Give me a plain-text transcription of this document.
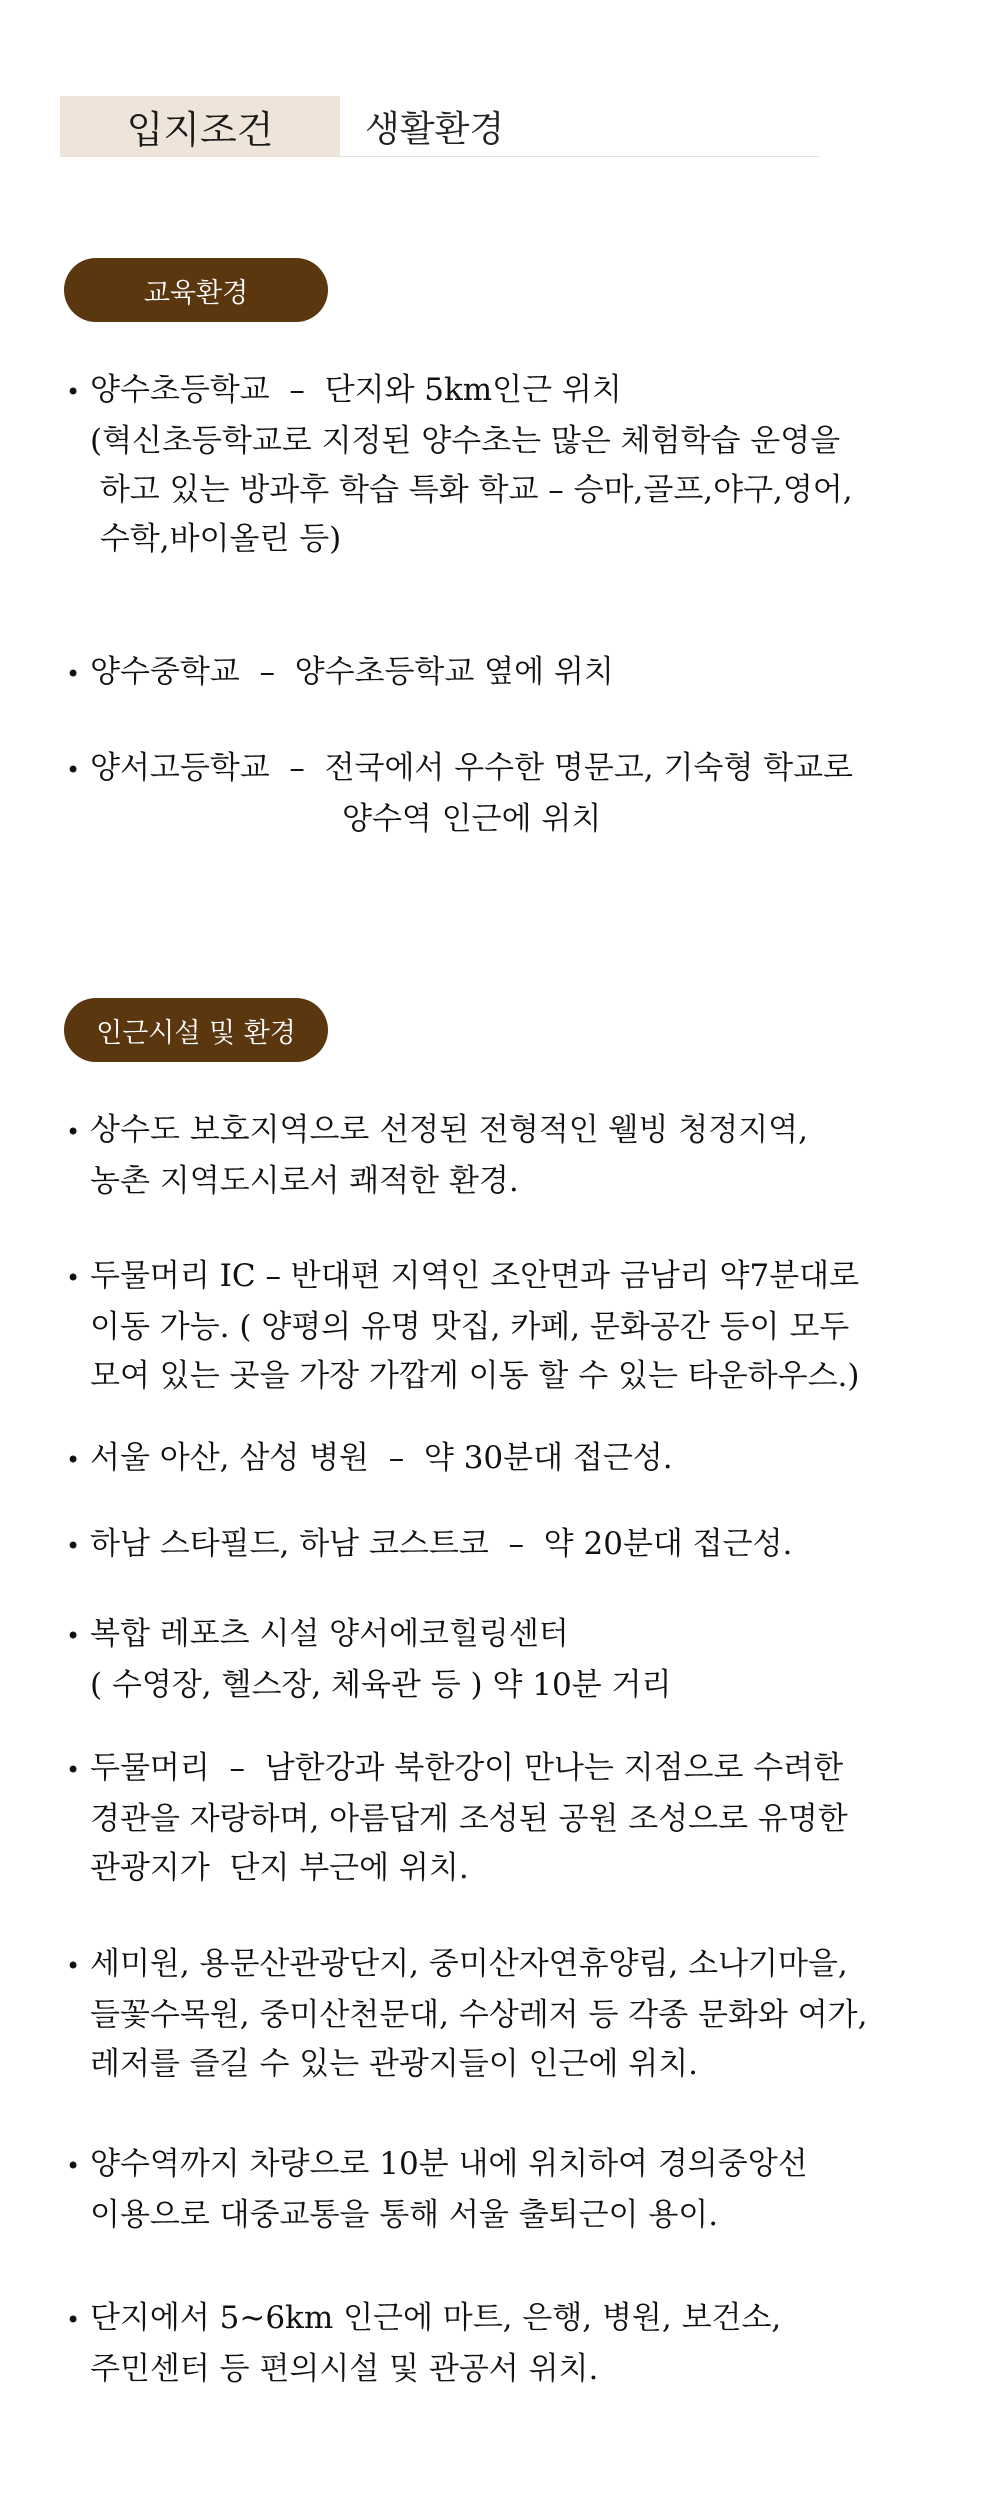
입지조건	생활환경
교육환경
• 양수초등학교  –  단지와 5km인근 위치
(혁신초등학교로 지정된 양수초는 많은 체험학습 운영을
하고 있는 방과후 학습 특화 학교 – 승마,골프,야구,영어,
수학,바이올린 등)
• 양수중학교  –  양수초등학교 옆에 위치
• 양서고등학교  –  전국에서 우수한 명문고, 기숙형 학교로
양수역 인근에 위치
인근시설 및 환경
• 상수도 보호지역으로 선정된 전형적인 웰빙 청정지역,
농촌 지역도시로서 쾌적한 환경.
• 두물머리 IC – 반대편 지역인 조안면과 금남리 약7분대로
이동 가능. ( 양평의 유명 맛집, 카페, 문화공간 등이 모두
모여 있는 곳을 가장 가깝게 이동 할 수 있는 타운하우스.)
• 서울 아산, 삼성 병원  –  약 30분대 접근성.
• 하남 스타필드, 하남 코스트코  –  약 20분대 접근성.
• 복합 레포츠 시설 양서에코힐링센터
( 수영장, 헬스장, 체육관 등 ) 약 10분 거리
• 두물머리  –  남한강과 북한강이 만나는 지점으로 수려한
경관을 자랑하며, 아름답게 조성된 공원 조성으로 유명한
관광지가  단지 부근에 위치.
• 세미원, 용문산관광단지, 중미산자연휴양림, 소나기마을,
들꽃수목원, 중미산천문대, 수상레저 등 각종 문화와 여가,
레저를 즐길 수 있는 관광지들이 인근에 위치.
• 양수역까지 차량으로 10분 내에 위치하여 경의중앙선
이용으로 대중교통을 통해 서울 출퇴근이 용이.
• 단지에서 5~6km 인근에 마트, 은행, 병원, 보건소,
주민센터 등 편의시설 및 관공서 위치.
